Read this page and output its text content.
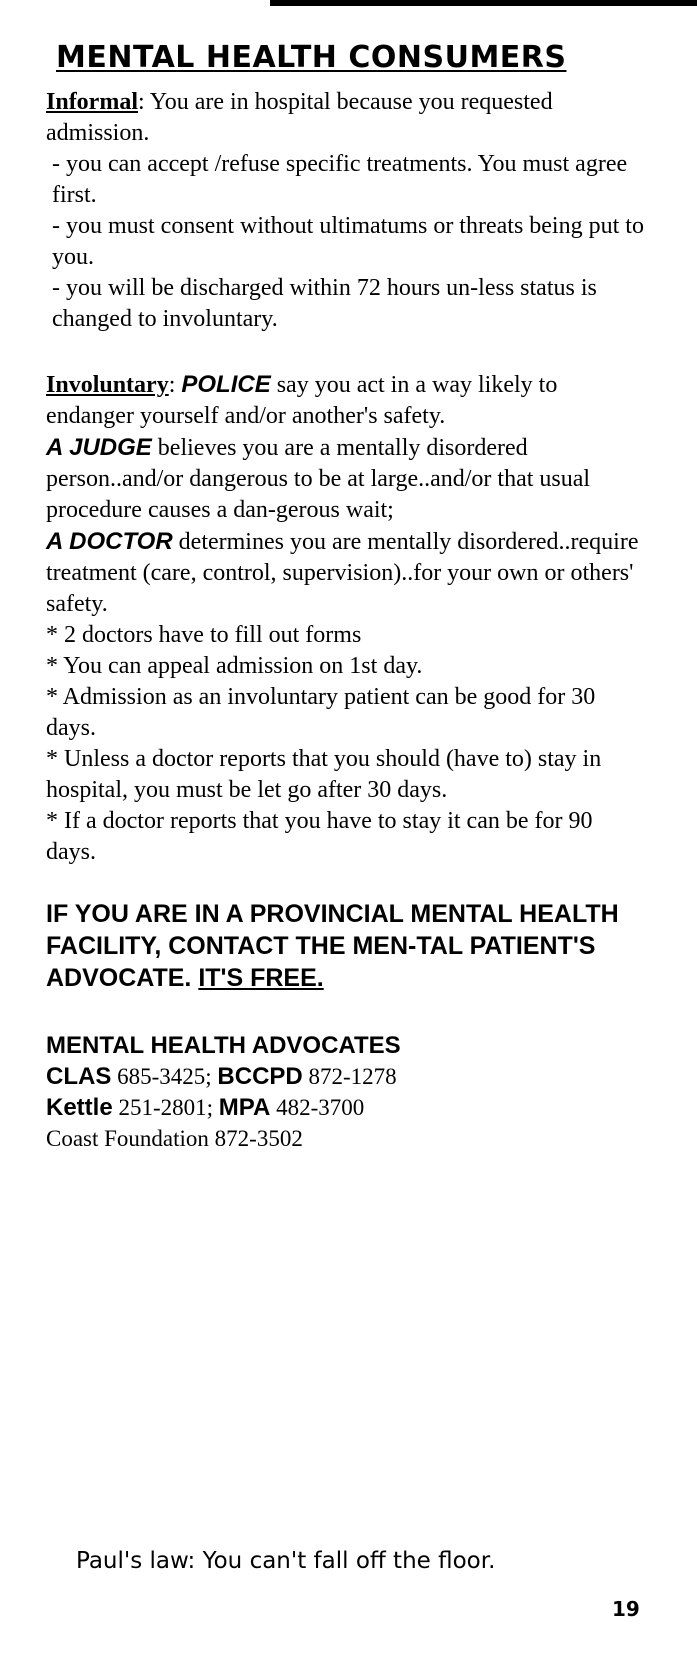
MENTAL HEALTH CONSUMERS
Informal: You are in hospital because you requested admission.
- you can accept /refuse specific treatments. You must agree first.
- you must consent without ultimatums or threats being put to you.
- you will be discharged within 72 hours un-less status is changed to involuntary.
Involuntary: POLICE say you act in a way likely to endanger yourself and/or another's safety.
A JUDGE believes you are a mentally disordered person..and/or dangerous to be at large..and/or that usual procedure causes a dan-gerous wait;
A DOCTOR determines you are mentally disordered..require treatment (care, control, supervision)..for your own or others' safety.
* 2 doctors have to fill out forms
* You can appeal admission on 1st day.
* Admission as an involuntary patient can be good for 30 days.
* Unless a doctor reports that you should (have to) stay in hospital, you must be let go after 30 days.
* If a doctor reports that you have to stay it can be for 90 days.
IF YOU ARE IN A PROVINCIAL MENTAL HEALTH FACILITY, CONTACT THE MEN-TAL PATIENT'S ADVOCATE. IT'S FREE.
MENTAL HEALTH ADVOCATES
CLAS 685-3425; BCCPD 872-1278
Kettle 251-2801; MPA 482-3700
Coast Foundation 872-3502
Paul's law: You can't fall off the floor.
19
